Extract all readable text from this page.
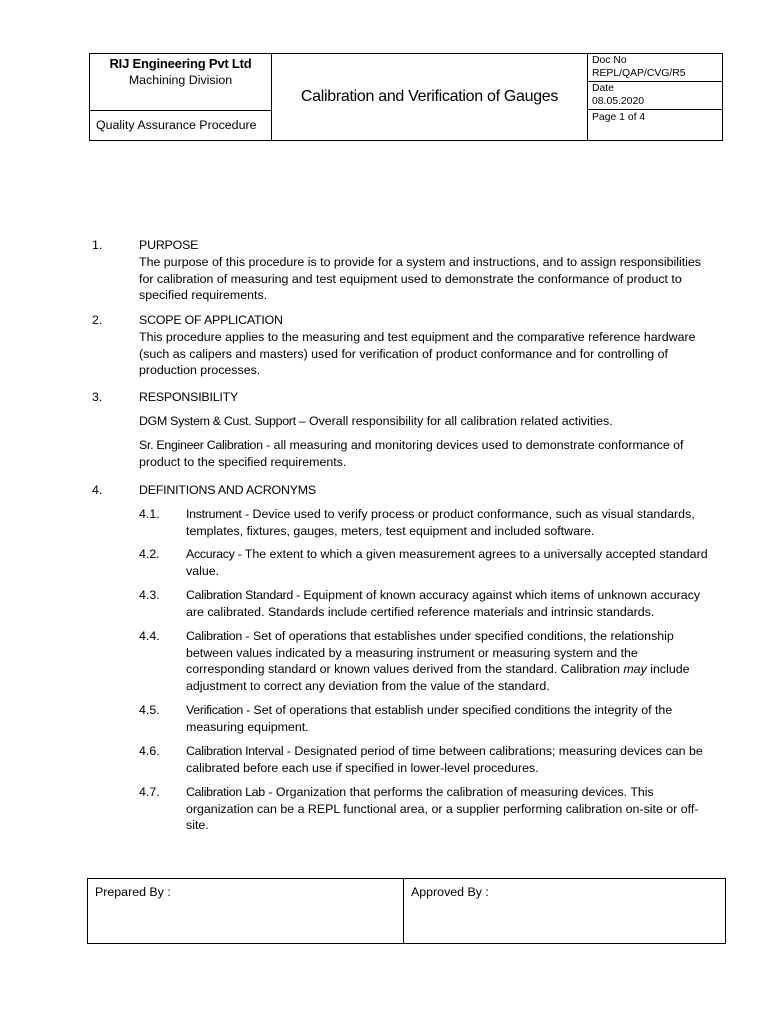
RIJ Engineering Pvt Ltd
Machining Division
Quality Assurance Procedure
Calibration and Verification of Gauges
Doc No
REPL/QAP/CVG/R5
Date
08.05.2020
Page 1 of 4
1.	PURPOSE
The purpose of this procedure is to provide for a system and instructions, and to assign responsibilities
for calibration of measuring and test equipment used to demonstrate the conformance of product to
specified requirements.
2.	SCOPE OF APPLICATION
This procedure applies to the measuring and test equipment and the comparative reference hardware
(such as calipers and masters) used for verification of product conformance and for controlling of
production processes.
3.	RESPONSIBILITY
DGM System & Cust. Support – Overall responsibility for all calibration related activities.
Sr. Engineer Calibration - all measuring and monitoring devices used to demonstrate conformance of
product to the specified requirements.
4.	DEFINITIONS AND ACRONYMS
4.1. Instrument - Device used to verify process or product conformance, such as visual standards,
templates, fixtures, gauges, meters, test equipment and included software.
4.2. Accuracy - The extent to which a given measurement agrees to a universally accepted standard
value.
4.3. Calibration Standard - Equipment of known accuracy against which items of unknown accuracy
are calibrated. Standards include certified reference materials and intrinsic standards.
4.4. Calibration - Set of operations that establishes under specified conditions, the relationship
between values indicated by a measuring instrument or measuring system and the
corresponding standard or known values derived from the standard. Calibration may include
adjustment to correct any deviation from the value of the standard.
4.5. Verification - Set of operations that establish under specified conditions the integrity of the
measuring equipment.
4.6. Calibration Interval - Designated period of time between calibrations; measuring devices can be
calibrated before each use if specified in lower-level procedures.
4.7. Calibration Lab - Organization that performs the calibration of measuring devices. This
organization can be a REPL functional area, or a supplier performing calibration on-site or off-
site.
Prepared By :	Approved By :
